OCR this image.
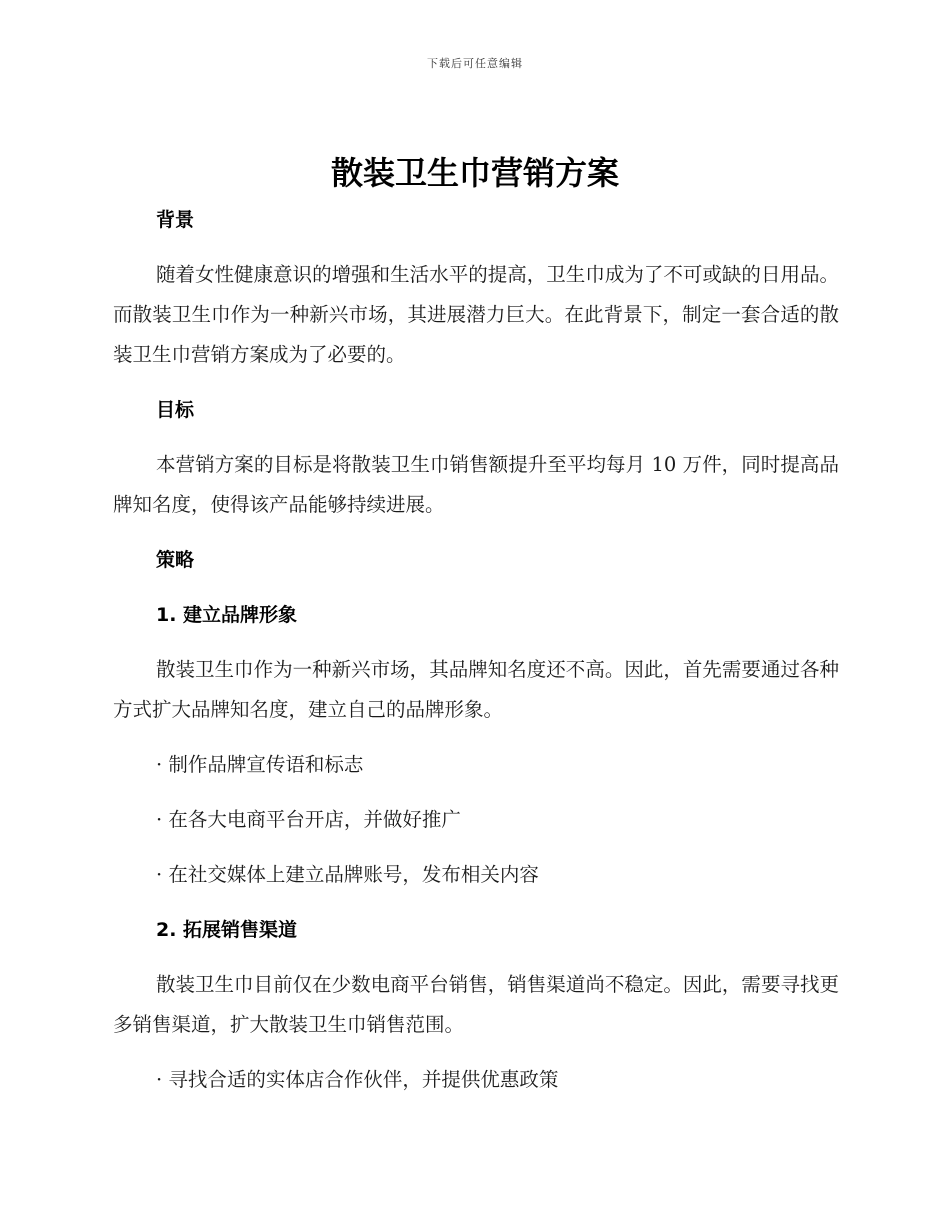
下载后可任意编辑
散装卫生巾营销方案
背景

随着女性健康意识的增强和生活水平的提高，卫生巾成为了不可或缺的日用品。而散装卫生巾作为一种新兴市场，其进展潜力巨大。在此背景下，制定一套合适的散装卫生巾营销方案成为了必要的。

目标

本营销方案的目标是将散装卫生巾销售额提升至平均每月 10 万件，同时提高品牌知名度，使得该产品能够持续进展。

策略
1. 建立品牌形象

散装卫生巾作为一种新兴市场，其品牌知名度还不高。因此，首先需要通过各种方式扩大品牌知名度，建立自己的品牌形象。

· 制作品牌宣传语和标志
· 在各大电商平台开店，并做好推广
· 在社交媒体上建立品牌账号，发布相关内容
2. 拓展销售渠道

散装卫生巾目前仅在少数电商平台销售，销售渠道尚不稳定。因此，需要寻找更多销售渠道，扩大散装卫生巾销售范围。

· 寻找合适的实体店合作伙伴，并提供优惠政策
